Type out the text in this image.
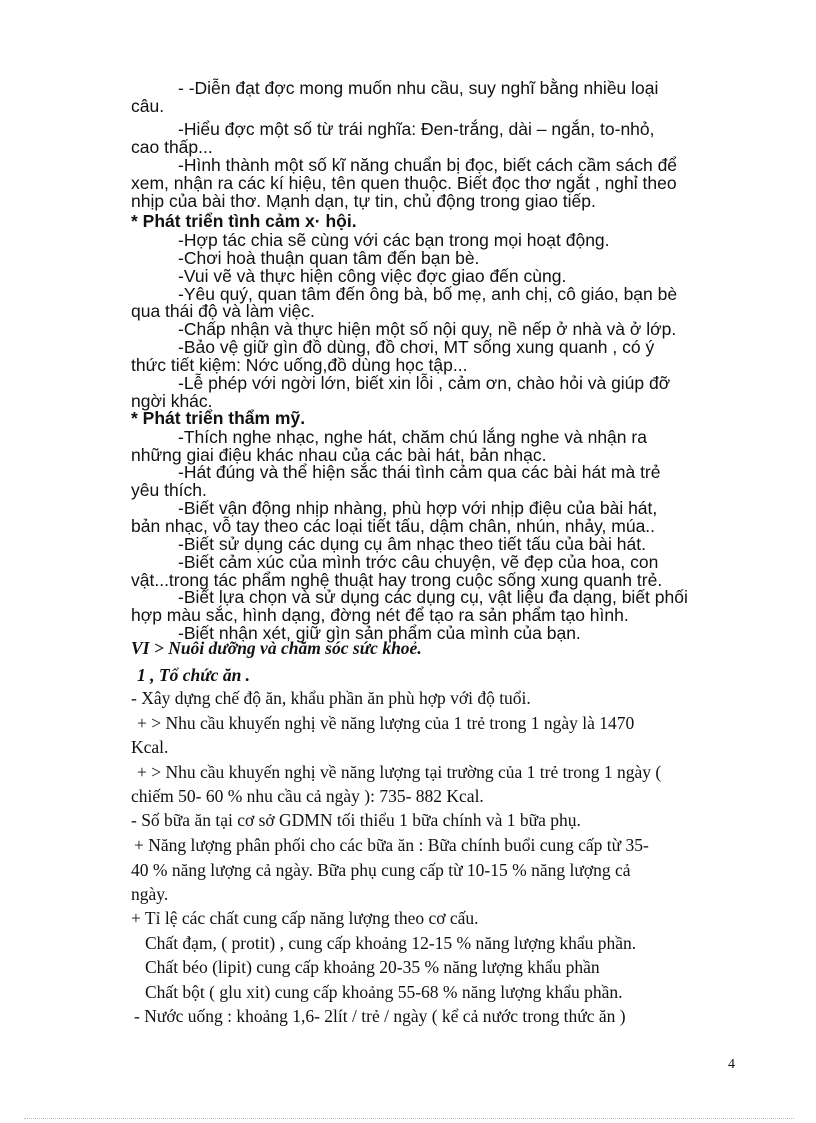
- -Diễn đạt đợc mong muốn nhu cầu, suy nghĩ bằng nhiều loại
câu.
-Hiểu đợc một số từ trái nghĩa: Đen-trắng, dài – ngắn, to-nhỏ,
cao thấp...
-Hình thành một số kĩ năng chuẩn bị đọc, biết cách cầm sách để
xem, nhận ra các kí hiệu, tên quen thuộc. Biết đọc thơ ngắt , nghỉ theo
nhịp của bài thơ. Mạnh dạn, tự tin, chủ động trong giao tiếp.
* Phát triển tình cảm x· hội.
-Hợp tác chia sẽ cùng với các bạn trong mọi hoạt động.
-Chơi hoà thuận quan tâm đến bạn bè.
-Vui vẽ và thực hiện công việc đợc giao đến cùng.
-Yêu quý, quan tâm đến ông bà, bố mẹ, anh chị, cô giáo, bạn bè
qua thái độ và làm việc.
-Chấp nhận và thực hiện một số nội quy, nề nếp ở nhà và ở lớp.
-Bảo vệ giữ gìn đồ dùng, đồ chơi, MT sống xung quanh , có ý
thức tiết kiệm: Nớc uống,đồ dùng học tập...
-Lễ phép với ngời lớn, biết xin lỗi , cảm ơn, chào hỏi và giúp đỡ
ngời khác.
* Phát triển thẩm mỹ.
-Thích nghe nhạc, nghe hát, chăm chú lắng nghe và nhận ra
những giai điệu khác nhau của các bài hát, bản nhạc.
-Hát đúng và thể hiện sắc thái tình cảm qua các bài hát mà trẻ
yêu thích.
-Biết vận động nhịp nhàng, phù hợp với nhịp điệu của bài hát,
bản nhạc, vỗ tay theo các loại tiết tấu, dậm chân, nhún, nhảy, múa..
-Biết sử dụng các dụng cụ âm nhạc theo tiết tấu của bài hát.
-Biết cảm xúc của mình trớc câu chuyện, vẽ đẹp của hoa, con
vật...trong tác phẩm nghệ thuật hay trong cuộc sống xung quanh trẻ.
-Biết lựa chọn và sử dụng các dụng cụ, vật liệu đa dạng, biết phối
hợp màu sắc, hình dạng, đờng nét để tạo ra sản phẩm tạo hình.
-Biết nhận xét, giữ gìn sản phẩm của mình của bạn.
VI > Nuôi dưỡng và chăm sóc sức khoẻ.
1 , Tổ chức ăn .
- Xây dựng chế độ ăn, khẩu phần ăn phù hợp với độ tuổi.
+ > Nhu cầu khuyến nghị về năng lượng của 1 trẻ trong 1 ngày là 1470
Kcal.
+ > Nhu cầu khuyến nghị về năng lượng tại trường của 1 trẻ trong 1 ngày (
chiếm 50- 60 % nhu cầu cả ngày ): 735- 882 Kcal.
- Số bữa ăn tại cơ sở GDMN tối thiểu 1 bữa chính và 1 bữa phụ.
+ Năng lượng phân phối cho các bữa ăn : Bữa chính buổi cung cấp từ 35-
40 % năng lượng cả ngày. Bữa phụ cung cấp từ 10-15 % năng lượng cả
ngày.
+ Tỉ lệ các chất cung cấp năng lượng theo cơ cấu.
Chất đạm, ( protit) , cung cấp khoảng 12-15 % năng lượng khẩu phần.
Chất béo (lipit) cung cấp khoảng 20-35 % năng lượng khẩu phần
Chất bột ( glu xit) cung cấp khoảng 55-68 % năng lượng khẩu phần.
- Nước uống : khoảng 1,6- 2lít / trẻ / ngày ( kể cả nước trong thức ăn )
4
